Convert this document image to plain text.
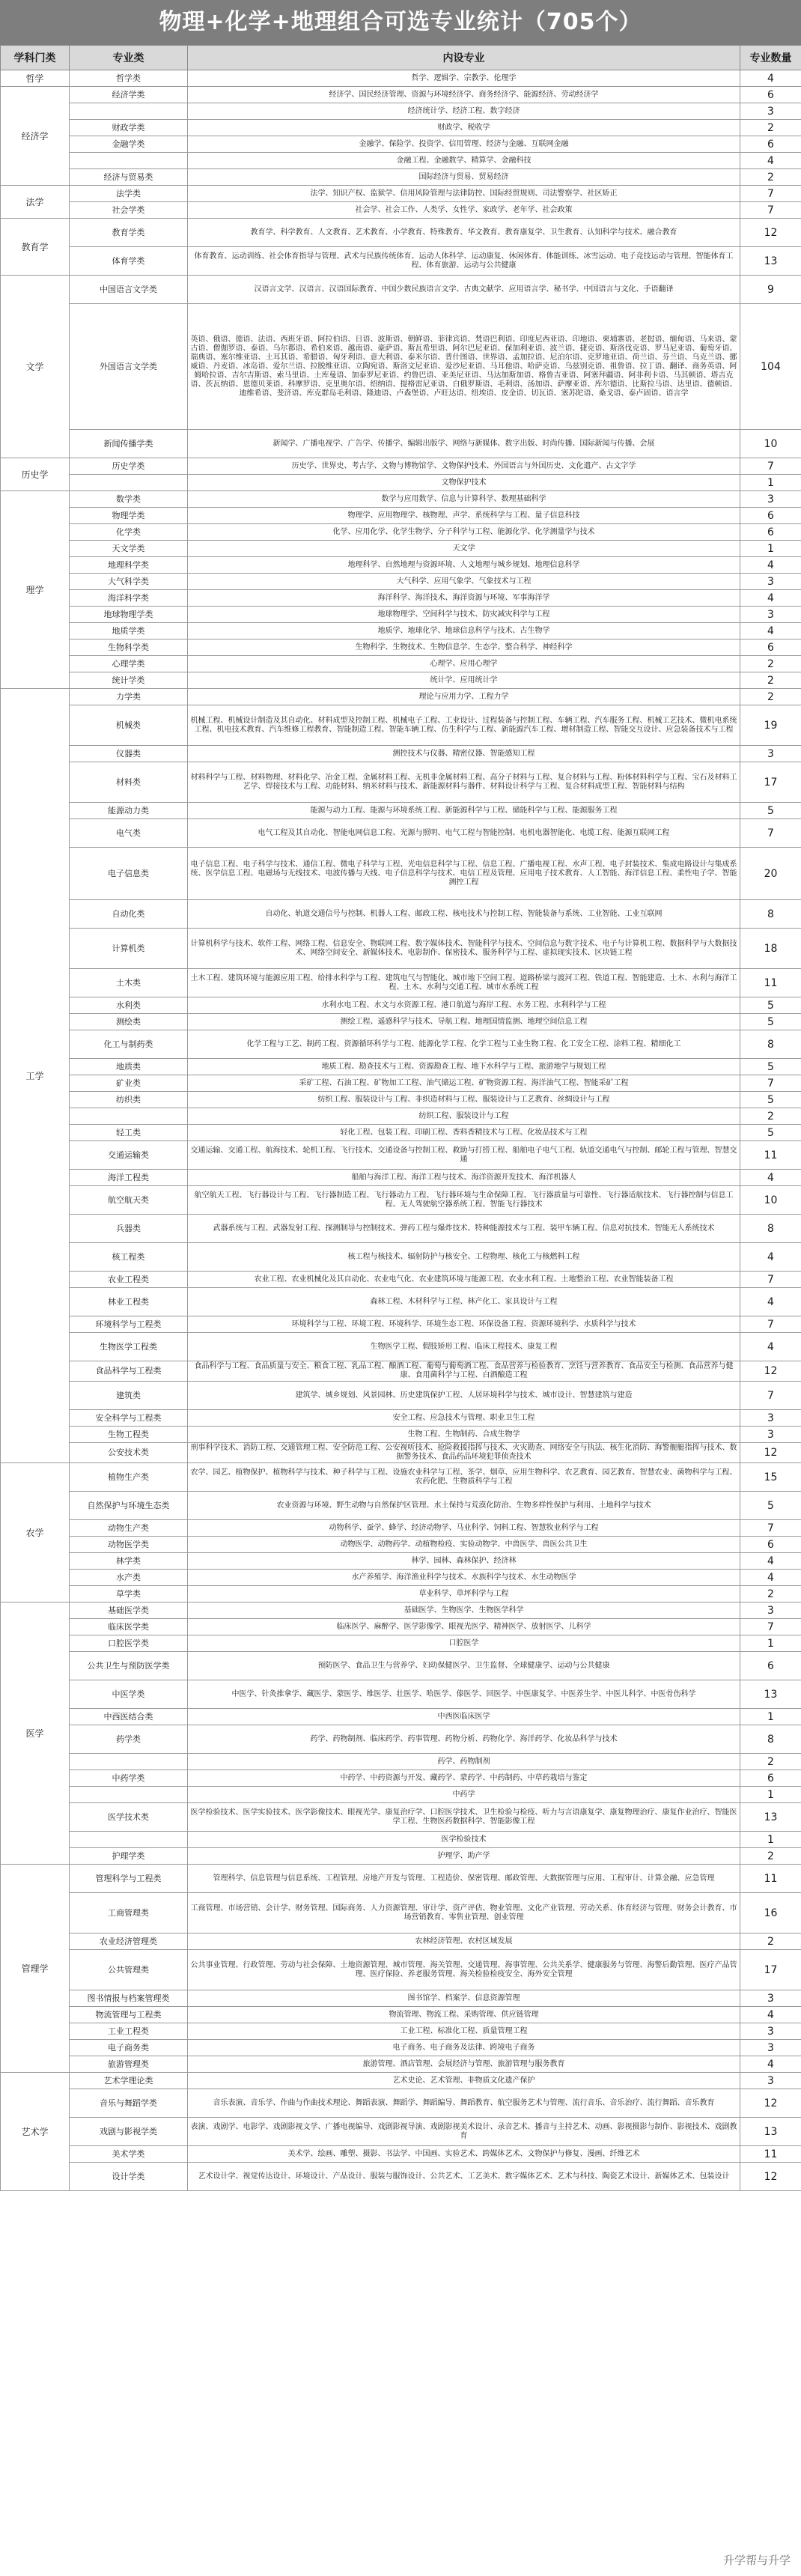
物理+化学+地理组合可选专业统计（705个）
学科门类	专业类	内设专业	专业数量
哲学	哲学类	哲学、逻辑学、宗教学、伦理学	4
经济学	经济学类	经济学、国民经济管理、资源与环境经济学、商务经济学、能源经济、劳动经济学	6
		经济统计学、经济工程、数字经济	3
	财政学类	财政学、税收学	2
	金融学类	金融学、保险学、投资学、信用管理、经济与金融、互联网金融	6
		金融工程、金融数学、精算学、金融科技	4
	经济与贸易类	国际经济与贸易、贸易经济	2
法学	法学类	法学、知识产权、监狱学、信用风险管理与法律防控、国际经贸规则、司法警察学、社区矫正	7
	社会学类	社会学、社会工作、人类学、女性学、家政学、老年学、社会政策	7
教育学	教育学类	教育学、科学教育、人文教育、艺术教育、小学教育、特殊教育、华文教育、教育康复学、卫生教育、认知科学与技术、融合教育	12
	体育学类	体育教育、运动训练、社会体育指导与管理、武术与民族传统体育、运动人体科学、运动康复、休闲体育、体能训练、冰雪运动、电子竞技运动与管理、智能体育工程、体育旅游、运动与公共健康	13
文学	中国语言文学类	汉语言文学、汉语言、汉语国际教育、中国少数民族语言文学、古典文献学、应用语言学、秘书学、中国语言与文化、手语翻译	9
	外国语言文学类	英语、俄语、德语、法语、西班牙语、阿拉伯语、日语、波斯语、朝鲜语、菲律宾语、梵语巴利语、印度尼西亚语、印地语、柬埔寨语、老挝语、缅甸语、马来语、蒙古语、僧伽罗语、泰语、乌尔都语、希伯来语、越南语、豪萨语、斯瓦希里语、阿尔巴尼亚语、保加利亚语、波兰语、捷克语、斯洛伐克语、罗马尼亚语、葡萄牙语、瑞典语、塞尔维亚语、土耳其语、希腊语、匈牙利语、意大利语、泰米尔语、普什图语、世界语、孟加拉语、尼泊尔语、克罗地亚语、荷兰语、芬兰语、乌克兰语、挪威语、丹麦语、冰岛语、爱尔兰语、拉脱维亚语、立陶宛语、斯洛文尼亚语、爱沙尼亚语、马耳他语、哈萨克语、乌兹别克语、祖鲁语、拉丁语、翻译、商务英语、阿姆哈拉语、吉尔吉斯语、索马里语、土库曼语、加泰罗尼亚语、约鲁巴语、亚美尼亚语、马达加斯加语、格鲁吉亚语、阿塞拜疆语、阿非利卡语、马其顿语、塔吉克语、茨瓦纳语、恩德贝莱语、科摩罗语、克里奥尔语、绍纳语、提格雷尼亚语、白俄罗斯语、毛利语、汤加语、萨摩亚语、库尔德语、比斯拉马语、达里语、德顿语、迪维希语、斐济语、库克群岛毛利语、隆迪语、卢森堡语、卢旺达语、纽埃语、皮金语、切瓦语、塞苏陀语、桑戈语、泰卢固语、语言学	104
	新闻传播学类	新闻学、广播电视学、广告学、传播学、编辑出版学、网络与新媒体、数字出版、时尚传播、国际新闻与传播、会展	10
历史学	历史学类	历史学、世界史、考古学、文物与博物馆学、文物保护技术、外国语言与外国历史、文化遗产、古文字学	7
		文物保护技术	1
理学	数学类	数学与应用数学、信息与计算科学、数理基础科学	3
	物理学类	物理学、应用物理学、核物理、声学、系统科学与工程、量子信息科技	6
	化学类	化学、应用化学、化学生物学、分子科学与工程、能源化学、化学测量学与技术	6
	天文学类	天文学	1
	地理科学类	地理科学、自然地理与资源环境、人文地理与城乡规划、地理信息科学	4
	大气科学类	大气科学、应用气象学、气象技术与工程	3
	海洋科学类	海洋科学、海洋技术、海洋资源与环境、军事海洋学	4
	地球物理学类	地球物理学、空间科学与技术、防灾减灾科学与工程	3
	地质学类	地质学、地球化学、地球信息科学与技术、古生物学	4
	生物科学类	生物科学、生物技术、生物信息学、生态学、整合科学、神经科学	6
	心理学类	心理学、应用心理学	2
	统计学类	统计学、应用统计学	2
工学	力学类	理论与应用力学、工程力学	2
	机械类	机械工程、机械设计制造及其自动化、材料成型及控制工程、机械电子工程、工业设计、过程装备与控制工程、车辆工程、汽车服务工程、机械工艺技术、微机电系统工程、机电技术教育、汽车维修工程教育、智能制造工程、智能车辆工程、仿生科学与工程、新能源汽车工程、增材制造工程、智能交互设计、应急装备技术与工程	19
	仪器类	测控技术与仪器、精密仪器、智能感知工程	3
	材料类	材料科学与工程、材料物理、材料化学、冶金工程、金属材料工程、无机非金属材料工程、高分子材料与工程、复合材料与工程、粉体材料科学与工程、宝石及材料工艺学、焊接技术与工程、功能材料、纳米材料与技术、新能源材料与器件、材料设计科学与工程、复合材料成型工程、智能材料与结构	17
	能源动力类	能源与动力工程、能源与环境系统工程、新能源科学与工程、储能科学与工程、能源服务工程	5
	电气类	电气工程及其自动化、智能电网信息工程、光源与照明、电气工程与智能控制、电机电器智能化、电缆工程、能源互联网工程	7
	电子信息类	电子信息工程、电子科学与技术、通信工程、微电子科学与工程、光电信息科学与工程、信息工程、广播电视工程、水声工程、电子封装技术、集成电路设计与集成系统、医学信息工程、电磁场与无线技术、电波传播与天线、电子信息科学与技术、电信工程及管理、应用电子技术教育、人工智能、海洋信息工程、柔性电子学、智能测控工程	20
	自动化类	自动化、轨道交通信号与控制、机器人工程、邮政工程、核电技术与控制工程、智能装备与系统、工业智能、工业互联网	8
	计算机类	计算机科学与技术、软件工程、网络工程、信息安全、物联网工程、数字媒体技术、智能科学与技术、空间信息与数字技术、电子与计算机工程、数据科学与大数据技术、网络空间安全、新媒体技术、电影制作、保密技术、服务科学与工程、虚拟现实技术、区块链工程	18
	土木类	土木工程、建筑环境与能源应用工程、给排水科学与工程、建筑电气与智能化、城市地下空间工程、道路桥梁与渡河工程、铁道工程、智能建造、土木、水利与海洋工程、土木、水利与交通工程、城市水系统工程	11
	水利类	水利水电工程、水文与水资源工程、港口航道与海岸工程、水务工程、水利科学与工程	5
	测绘类	测绘工程、遥感科学与技术、导航工程、地理国情监测、地理空间信息工程	5
	化工与制药类	化学工程与工艺、制药工程、资源循环科学与工程、能源化学工程、化学工程与工业生物工程、化工安全工程、涂料工程、精细化工	8
	地质类	地质工程、勘查技术与工程、资源勘查工程、地下水科学与工程、旅游地学与规划工程	5
	矿业类	采矿工程、石油工程、矿物加工工程、油气储运工程、矿物资源工程、海洋油气工程、智能采矿工程	7
	纺织类	纺织工程、服装设计与工程、非织造材料与工程、服装设计与工艺教育、丝绸设计与工程	5
		纺织工程、服装设计与工程	2
	轻工类	轻化工程、包装工程、印刷工程、香料香精技术与工程、化妆品技术与工程	5
	交通运输类	交通运输、交通工程、航海技术、轮机工程、飞行技术、交通设备与控制工程、救助与打捞工程、船舶电子电气工程、轨道交通电气与控制、邮轮工程与管理、智慧交通	11
	海洋工程类	船舶与海洋工程、海洋工程与技术、海洋资源开发技术、海洋机器人	4
	航空航天类	航空航天工程、飞行器设计与工程、飞行器制造工程、飞行器动力工程、飞行器环境与生命保障工程、飞行器质量与可靠性、飞行器适航技术、飞行器控制与信息工程、无人驾驶航空器系统工程、智能飞行器技术	10
	兵器类	武器系统与工程、武器发射工程、探测制导与控制技术、弹药工程与爆炸技术、特种能源技术与工程、装甲车辆工程、信息对抗技术、智能无人系统技术	8
	核工程类	核工程与核技术、辐射防护与核安全、工程物理、核化工与核燃料工程	4
	农业工程类	农业工程、农业机械化及其自动化、农业电气化、农业建筑环境与能源工程、农业水利工程、土地整治工程、农业智能装备工程	7
	林业工程类	森林工程、木材科学与工程、林产化工、家具设计与工程	4
	环境科学与工程类	环境科学与工程、环境工程、环境科学、环境生态工程、环保设备工程、资源环境科学、水质科学与技术	7
	生物医学工程类	生物医学工程、假肢矫形工程、临床工程技术、康复工程	4
	食品科学与工程类	食品科学与工程、食品质量与安全、粮食工程、乳品工程、酿酒工程、葡萄与葡萄酒工程、食品营养与检验教育、烹饪与营养教育、食品安全与检测、食品营养与健康、食用菌科学与工程、白酒酿造工程	12
	建筑类	建筑学、城乡规划、风景园林、历史建筑保护工程、人居环境科学与技术、城市设计、智慧建筑与建造	7
	安全科学与工程类	安全工程、应急技术与管理、职业卫生工程	3
	生物工程类	生物工程、生物制药、合成生物学	3
	公安技术类	刑事科学技术、消防工程、交通管理工程、安全防范工程、公安视听技术、抢险救援指挥与技术、火灾勘查、网络安全与执法、核生化消防、海警舰艇指挥与技术、数据警务技术、食品药品环境犯罪侦查技术	12
农学	植物生产类	农学、园艺、植物保护、植物科学与技术、种子科学与工程、设施农业科学与工程、茶学、烟草、应用生物科学、农艺教育、园艺教育、智慧农业、菌物科学与工程、农药化肥、生物质科学与工程	15
	自然保护与环境生态类	农业资源与环境、野生动物与自然保护区管理、水土保持与荒漠化防治、生物多样性保护与利用、土地科学与技术	5
	动物生产类	动物科学、蚕学、蜂学、经济动物学、马业科学、饲料工程、智慧牧业科学与工程	7
	动物医学类	动物医学、动物药学、动植物检疫、实验动物学、中兽医学、兽医公共卫生	6
	林学类	林学、园林、森林保护、经济林	4
	水产类	水产养殖学、海洋渔业科学与技术、水族科学与技术、水生动物医学	4
	草学类	草业科学、草坪科学与工程	2
医学	基础医学类	基础医学、生物医学、生物医学科学	3
	临床医学类	临床医学、麻醉学、医学影像学、眼视光医学、精神医学、放射医学、儿科学	7
	口腔医学类	口腔医学	1
	公共卫生与预防医学类	预防医学、食品卫生与营养学、妇幼保健医学、卫生监督、全球健康学、运动与公共健康	6
	中医学类	中医学、针灸推拿学、藏医学、蒙医学、维医学、壮医学、哈医学、傣医学、回医学、中医康复学、中医养生学、中医儿科学、中医骨伤科学	13
	中西医结合类	中西医临床医学	1
	药学类	药学、药物制剂、临床药学、药事管理、药物分析、药物化学、海洋药学、化妆品科学与技术	8
		药学、药物制剂	2
	中药学类	中药学、中药资源与开发、藏药学、蒙药学、中药制药、中草药栽培与鉴定	6
		中药学	1
	医学技术类	医学检验技术、医学实验技术、医学影像技术、眼视光学、康复治疗学、口腔医学技术、卫生检验与检疫、听力与言语康复学、康复物理治疗、康复作业治疗、智能医学工程、生物医药数据科学、智能影像工程	13
		医学检验技术	1
	护理学类	护理学、助产学	2
管理学	管理科学与工程类	管理科学、信息管理与信息系统、工程管理、房地产开发与管理、工程造价、保密管理、邮政管理、大数据管理与应用、工程审计、计算金融、应急管理	11
	工商管理类	工商管理、市场营销、会计学、财务管理、国际商务、人力资源管理、审计学、资产评估、物业管理、文化产业管理、劳动关系、体育经济与管理、财务会计教育、市场营销教育、零售业管理、创业管理	16
	农业经济管理类	农林经济管理、农村区域发展	2
	公共管理类	公共事业管理、行政管理、劳动与社会保障、土地资源管理、城市管理、海关管理、交通管理、海事管理、公共关系学、健康服务与管理、海警后勤管理、医疗产品管理、医疗保险、养老服务管理、海关检验检疫安全、海外安全管理	17
	图书情报与档案管理类	图书馆学、档案学、信息资源管理	3
	物流管理与工程类	物流管理、物流工程、采购管理、供应链管理	4
	工业工程类	工业工程、标准化工程、质量管理工程	3
	电子商务类	电子商务、电子商务及法律、跨境电子商务	3
	旅游管理类	旅游管理、酒店管理、会展经济与管理、旅游管理与服务教育	4
艺术学	艺术学理论类	艺术史论、艺术管理、非物质文化遗产保护	3
	音乐与舞蹈学类	音乐表演、音乐学、作曲与作曲技术理论、舞蹈表演、舞蹈学、舞蹈编导、舞蹈教育、航空服务艺术与管理、流行音乐、音乐治疗、流行舞蹈、音乐教育	12
	戏剧与影视学类	表演、戏剧学、电影学、戏剧影视文学、广播电视编导、戏剧影视导演、戏剧影视美术设计、录音艺术、播音与主持艺术、动画、影视摄影与制作、影视技术、戏剧教育	13
	美术学类	美术学、绘画、雕塑、摄影、书法学、中国画、实验艺术、跨媒体艺术、文物保护与修复、漫画、纤维艺术	11
	设计学类	艺术设计学、视觉传达设计、环境设计、产品设计、服装与服饰设计、公共艺术、工艺美术、数字媒体艺术、艺术与科技、陶瓷艺术设计、新媒体艺术、包装设计	12
升学帮与升学
